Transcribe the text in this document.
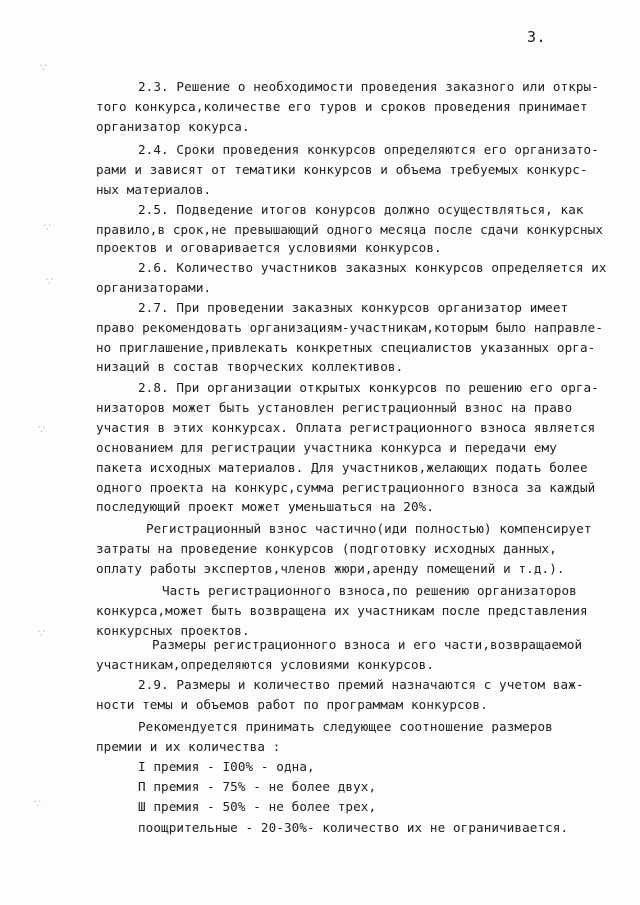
3.
∵
∵
∵
∵
∵
∵
2.3. Решение о необходимости проведения заказного или откры-
того конкурса,количестве его туров и сроков проведения принимает
организатор кокурса.
2.4. Сроки проведения конкурсов определяются его организато-
рами и зависят от тематики конкурсов и объема требуемых конкурс-
ных материалов.
2.5. Подведение итогов конурсов должно осуществляться, как
правило,в срок,не превышающий одного месяца после сдачи конкурсных
проектов и оговаривается условиями конкурсов.
2.6. Количество участников заказных конкурсов определяется их
организаторами.
2.7. При проведении заказных конкурсов организатор имеет
право рекомендовать организациям-участникам,которым было направле-
но приглашение,привлекать конкретных специалистов указанных орга-
низаций в состав творческих коллективов.
2.8. При организации открытых конкурсов по решению его орга-
низаторов может быть установлен регистрационный взнос на право
участия в этих конкурсах. Оплата регистрационного взноса является
основанием для регистрации участника конкурса и передачи ему
пакета исходных материалов. Для участников,желающих подать более
одного проекта на конкурс,сумма регистрационного взноса за каждый
последующий проект может уменьшаться на 20%.
Регистрационный взнос частично(иди полностью) компенсирует
затраты на проведение конкурсов (подготовку исходных данных,
оплату работы экспертов,членов жюри,аренду помещений и т.д.).
Часть регистрационного взноса,по решению организаторов
конкурса,может быть возвращена их участникам после представления
конкурсных проектов.
Размеры регистрационного взноса и его части,возвращаемой
участникам,определяются условиями конкурсов.
2.9. Размеры и количество премий назначаются с учетом важ-
ности темы и объемов работ по программам конкурсов.
Рекомендуется принимать следующее соотношение размеров
премии и их количества :
I премия - I00% - одна,
П премия - 75% - не более двух,
Ш премия - 50% - не более трех,
поощрительные - 20-30%- количество их не ограничивается.
